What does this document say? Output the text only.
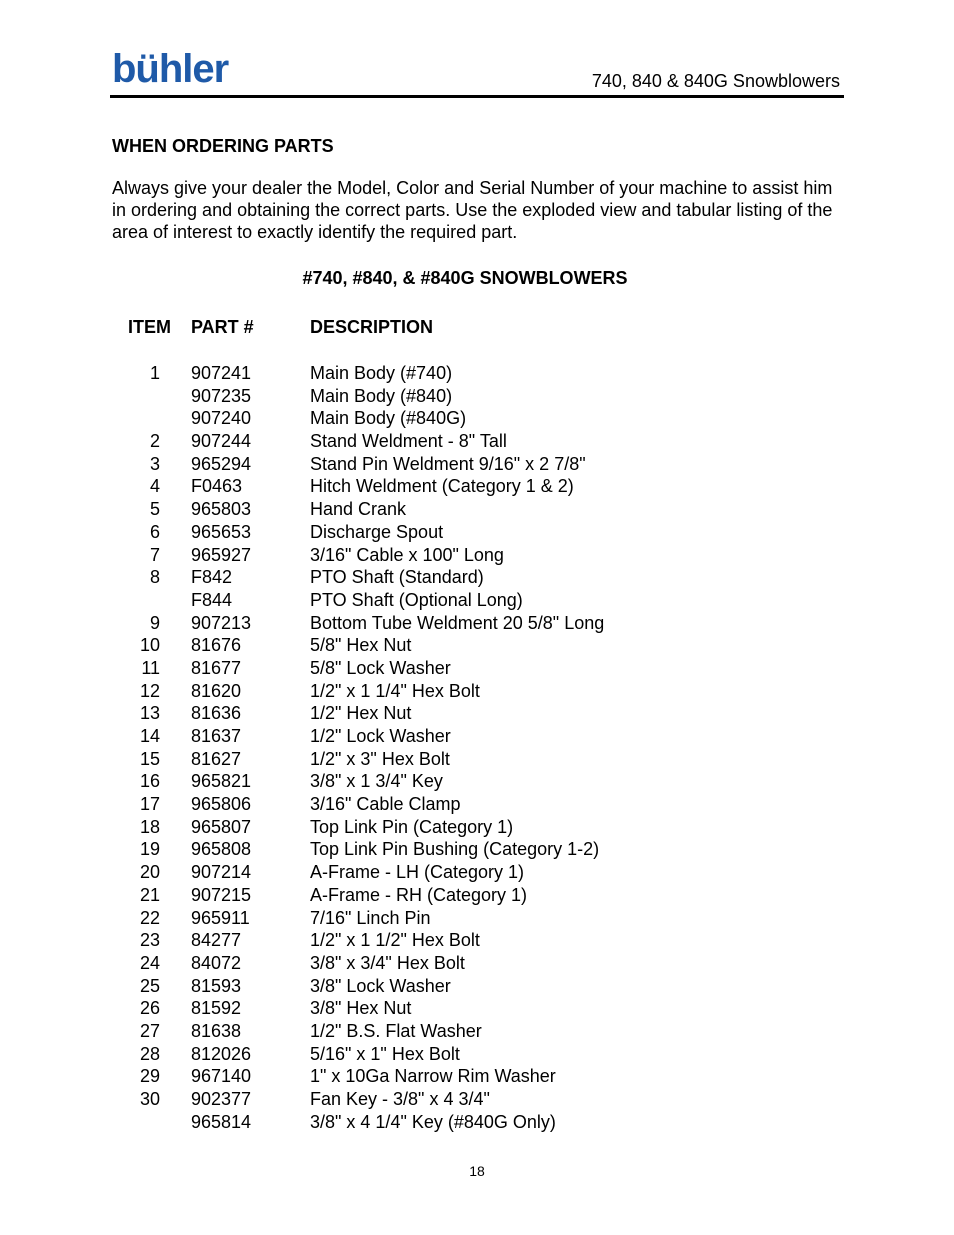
bühler	740, 840 & 840G Snowblowers
WHEN ORDERING PARTS
Always give your dealer the Model, Color and Serial Number of your machine to assist him in ordering and obtaining the correct parts. Use the exploded view and tabular listing of the area of interest to exactly identify the required part.
#740, #840, & #840G SNOWBLOWERS
ITEM PART #	DESCRIPTION
1 907241	Main Body (#740)
907235	Main Body (#840)
907240	Main Body (#840G)
2 907244	Stand Weldment - 8" Tall
3 965294	Stand Pin Weldment 9/16" x 2 7/8"
4 F0463	Hitch Weldment (Category 1 & 2)
5 965803	Hand Crank
6 965653	Discharge Spout
7 965927	3/16" Cable x 100" Long
8 F842	PTO Shaft (Standard)
F844	PTO Shaft (Optional Long)
9 907213	Bottom Tube Weldment 20 5/8" Long
10 81676	5/8" Hex Nut
11 81677	5/8" Lock Washer
12 81620	1/2" x 1 1/4" Hex Bolt
13 81636	1/2" Hex Nut
14 81637	1/2" Lock Washer
15 81627	1/2" x 3" Hex Bolt
16 965821	3/8" x 1 3/4" Key
17 965806	3/16" Cable Clamp
18 965807	Top Link Pin (Category 1)
19 965808	Top Link Pin Bushing (Category 1-2)
20 907214	A-Frame - LH (Category 1)
21 907215	A-Frame - RH (Category 1)
22 965911	7/16" Linch Pin
23 84277	1/2" x 1 1/2" Hex Bolt
24 84072	3/8" x 3/4" Hex Bolt
25 81593	3/8" Lock Washer
26 81592	3/8" Hex Nut
27 81638	1/2" B.S. Flat Washer
28 812026	5/16" x 1" Hex Bolt
29 967140	1" x 10Ga Narrow Rim Washer
30 902377	Fan Key - 3/8" x 4 3/4"
965814	3/8" x 4 1/4" Key (#840G Only)
18
